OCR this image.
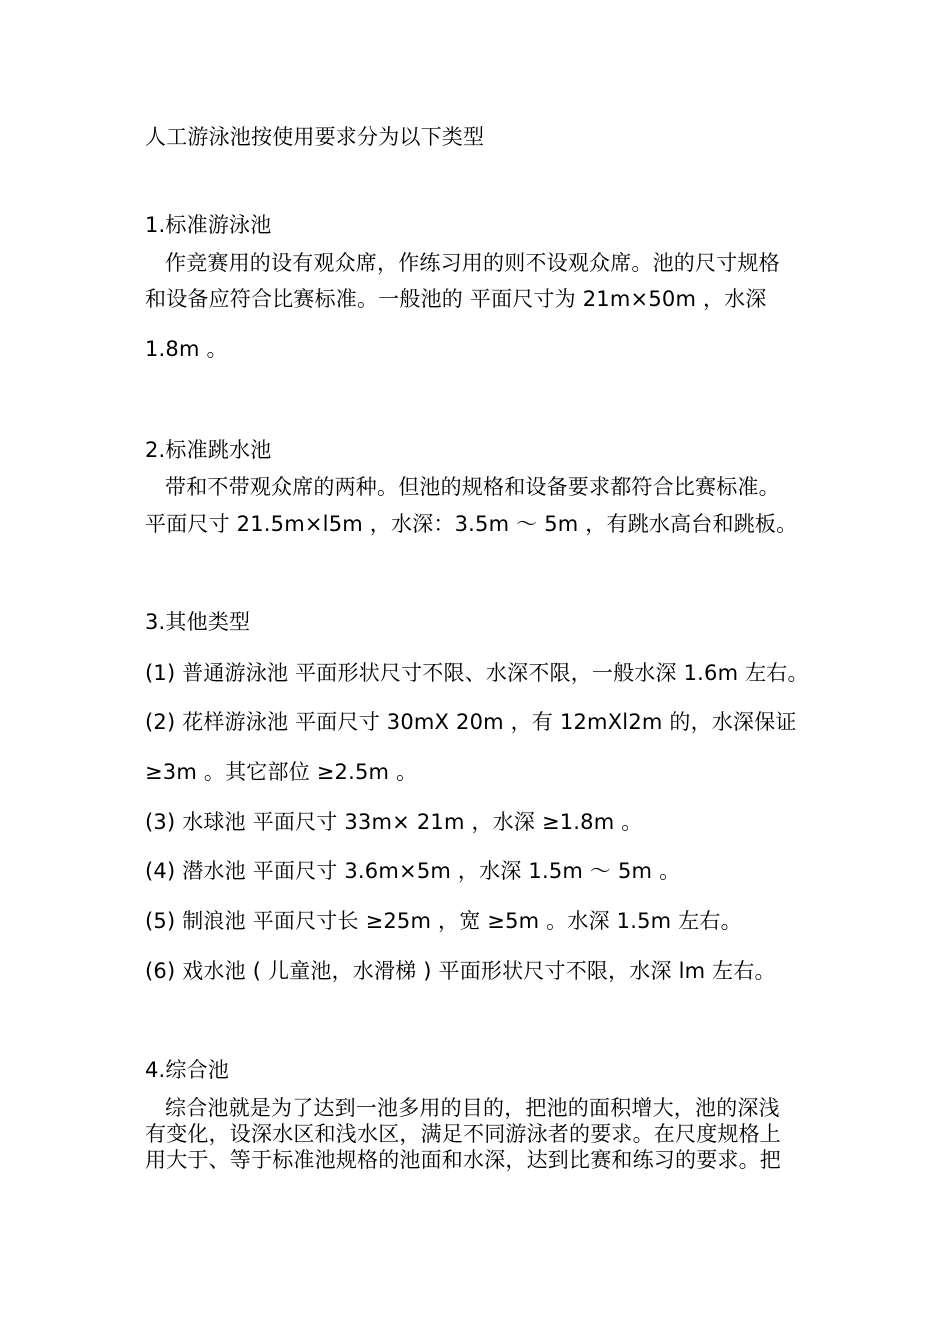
人工游泳池按使用要求分为以下类型
1.标准游泳池
作竞赛用的设有观众席，作练习用的则不设观众席。池的尺寸规格
和设备应符合比赛标准。一般池的 平面尺寸为 21m×50m ，水深
1.8m 。
2.标准跳水池
带和不带观众席的两种。但池的规格和设备要求都符合比赛标准。
平面尺寸 21.5m×l5m ，水深：3.5m ～ 5m ，有跳水高台和跳板。
3.其他类型
(1) 普通游泳池 平面形状尺寸不限、水深不限，一般水深 1.6m 左右。
(2) 花样游泳池 平面尺寸 30mX 20m ，有 12mXl2m 的，水深保证
≥3m 。其它部位 ≥2.5m 。
(3) 水球池 平面尺寸 33m× 21m ，水深 ≥1.8m 。
(4) 潜水池 平面尺寸 3.6m×5m ，水深 1.5m ～ 5m 。
(5) 制浪池 平面尺寸长 ≥25m ，宽 ≥5m 。水深 1.5m 左右。
(6) 戏水池 ( 儿童池，水滑梯 ) 平面形状尺寸不限，水深 lm 左右。
4.综合池
综合池就是为了达到一池多用的目的，把池的面积增大，池的深浅
有变化，设深水区和浅水区，满足不同游泳者的要求。在尺度规格上
用大于、等于标准池规格的池面和水深，达到比赛和练习的要求。把
